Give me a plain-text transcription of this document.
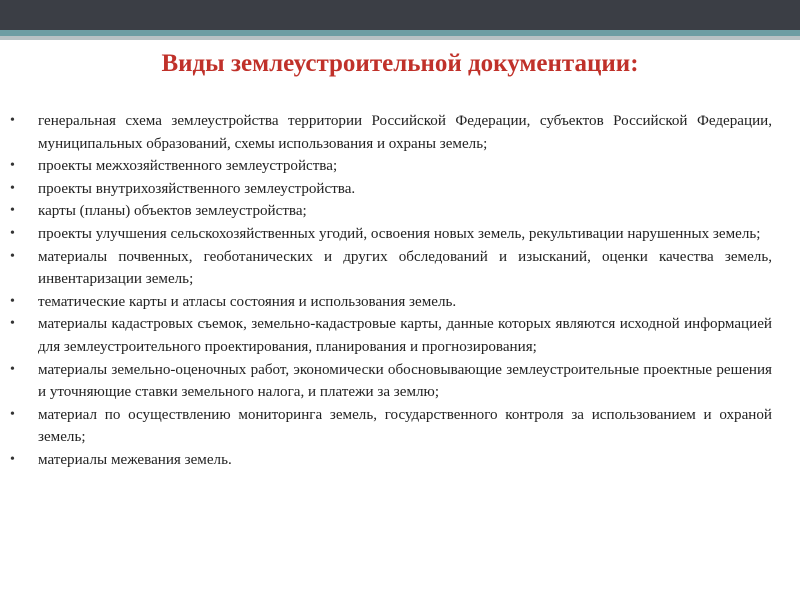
Виды землеустроительной документации:
• генеральная схема землеустройства территории Российской Федерации, субъектов Российской Федерации, муниципальных образований, схемы использования и охраны земель;
• проекты межхозяйственного землеустройства;
• проекты внутрихозяйственного землеустройства.
• карты (планы) объектов землеустройства;
• проекты улучшения сельскохозяйственных угодий, освоения новых земель, рекультивации нарушенных земель;
• материалы почвенных, геоботанических и других обследований и изысканий, оценки качества земель, инвентаризации земель;
• тематические карты и атласы состояния и использования земель.
• материалы кадастровых съемок, земельно-кадастровые карты, данные которых являются исходной информацией для землеустроительного проектирования, планирования и прогнозирования;
• материалы земельно-оценочных работ, экономически обосновывающие землеустроительные проектные решения и уточняющие ставки земельного налога, и платежи за землю;
• материал по осуществлению мониторинга земель, государственного контроля за использованием и охраной земель;
• материалы межевания земель.
